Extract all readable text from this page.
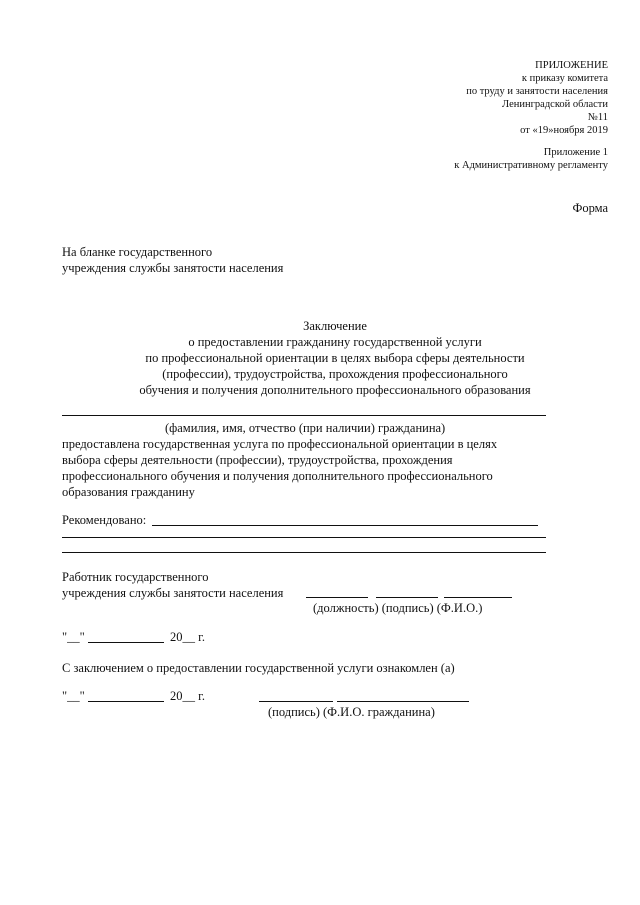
ПРИЛОЖЕНИЕ
к приказу комитета
по труду и занятости населения
Ленинградской области
№11
от «19»ноября 2019
Приложение 1
к Административному регламенту
Форма
На бланке государственного
учреждения службы занятости населения
Заключение
о предоставлении гражданину государственной услуги
по профессиональной ориентации в целях выбора сферы деятельности
(профессии), трудоустройства, прохождения профессионального
обучения и получения дополнительного профессионального образования
(фамилия, имя, отчество (при наличии) гражданина)
предоставлена государственная услуга по профессиональной ориентации в целях
выбора сферы деятельности (профессии), трудоустройства, прохождения
профессионального обучения и получения дополнительного профессионального
образования гражданину
Рекомендовано:
Работник государственного
учреждения службы занятости населения
(должность) (подпись) (Ф.И.О.)
"__"	20__ г.
С заключением о предоставлении государственной услуги ознакомлен (а)
"__"	20__ г.
(подпись) (Ф.И.О. гражданина)
